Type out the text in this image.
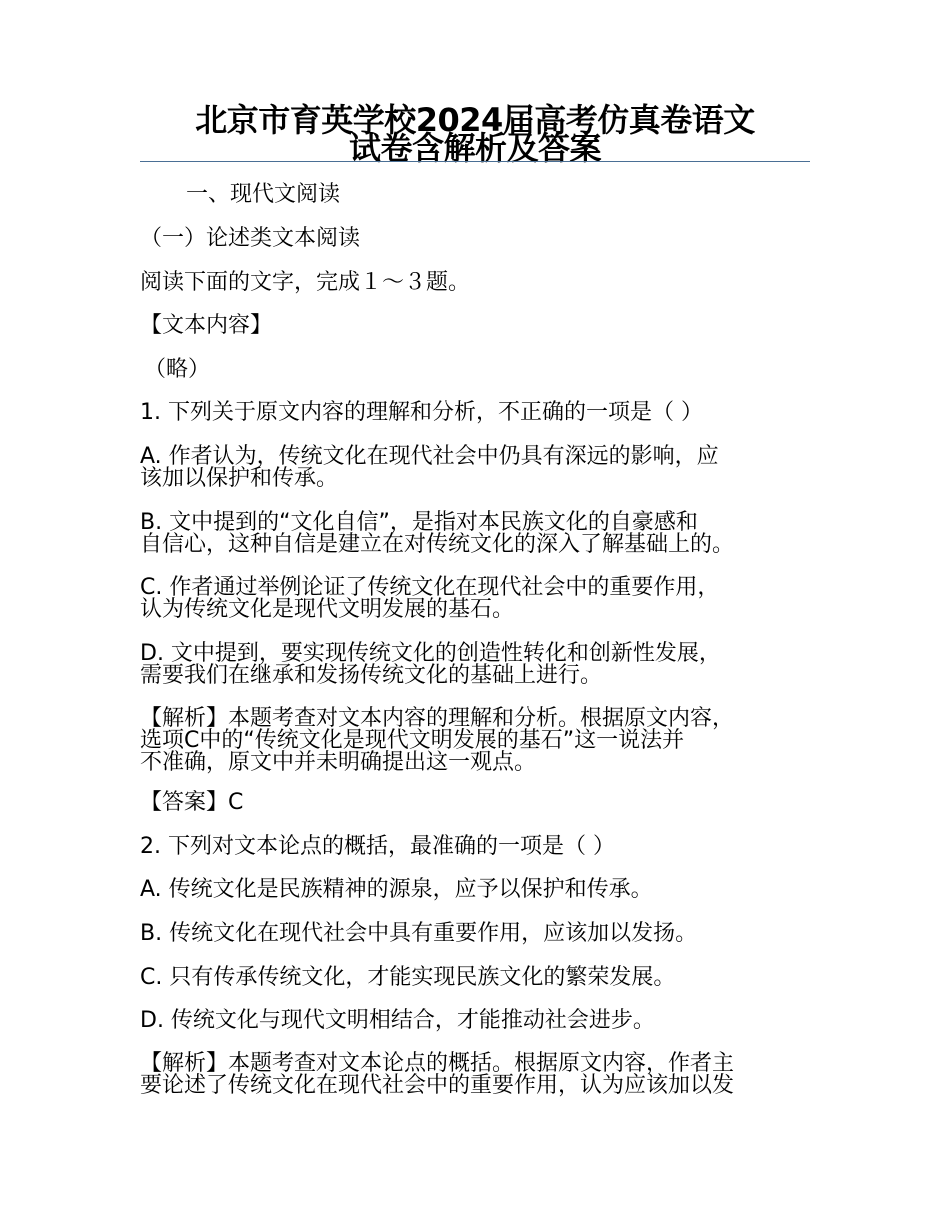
北京市育英学校2024届高考仿真卷语文
试卷含解析及答案
一、现代文阅读
（一）论述类文本阅读
阅读下面的文字，完成１～３题。
【文本内容】
（略）
1. 下列关于原文内容的理解和分析，不正确的一项是（ ）
A. 作者认为，传统文化在现代社会中仍具有深远的影响，应
该加以保护和传承。
B. 文中提到的“文化自信”，是指对本民族文化的自豪感和
自信心，这种自信是建立在对传统文化的深入了解基础上的。
C. 作者通过举例论证了传统文化在现代社会中的重要作用，
认为传统文化是现代文明发展的基石。
D. 文中提到，要实现传统文化的创造性转化和创新性发展，
需要我们在继承和发扬传统文化的基础上进行。
【解析】本题考查对文本内容的理解和分析。根据原文内容，
选项C中的“传统文化是现代文明发展的基石”这一说法并
不准确，原文中并未明确提出这一观点。
【答案】C
2. 下列对文本论点的概括，最准确的一项是（ ）
A. 传统文化是民族精神的源泉，应予以保护和传承。
B. 传统文化在现代社会中具有重要作用，应该加以发扬。
C. 只有传承传统文化，才能实现民族文化的繁荣发展。
D. 传统文化与现代文明相结合，才能推动社会进步。
【解析】本题考查对文本论点的概括。根据原文内容，作者主
要论述了传统文化在现代社会中的重要作用，认为应该加以发
